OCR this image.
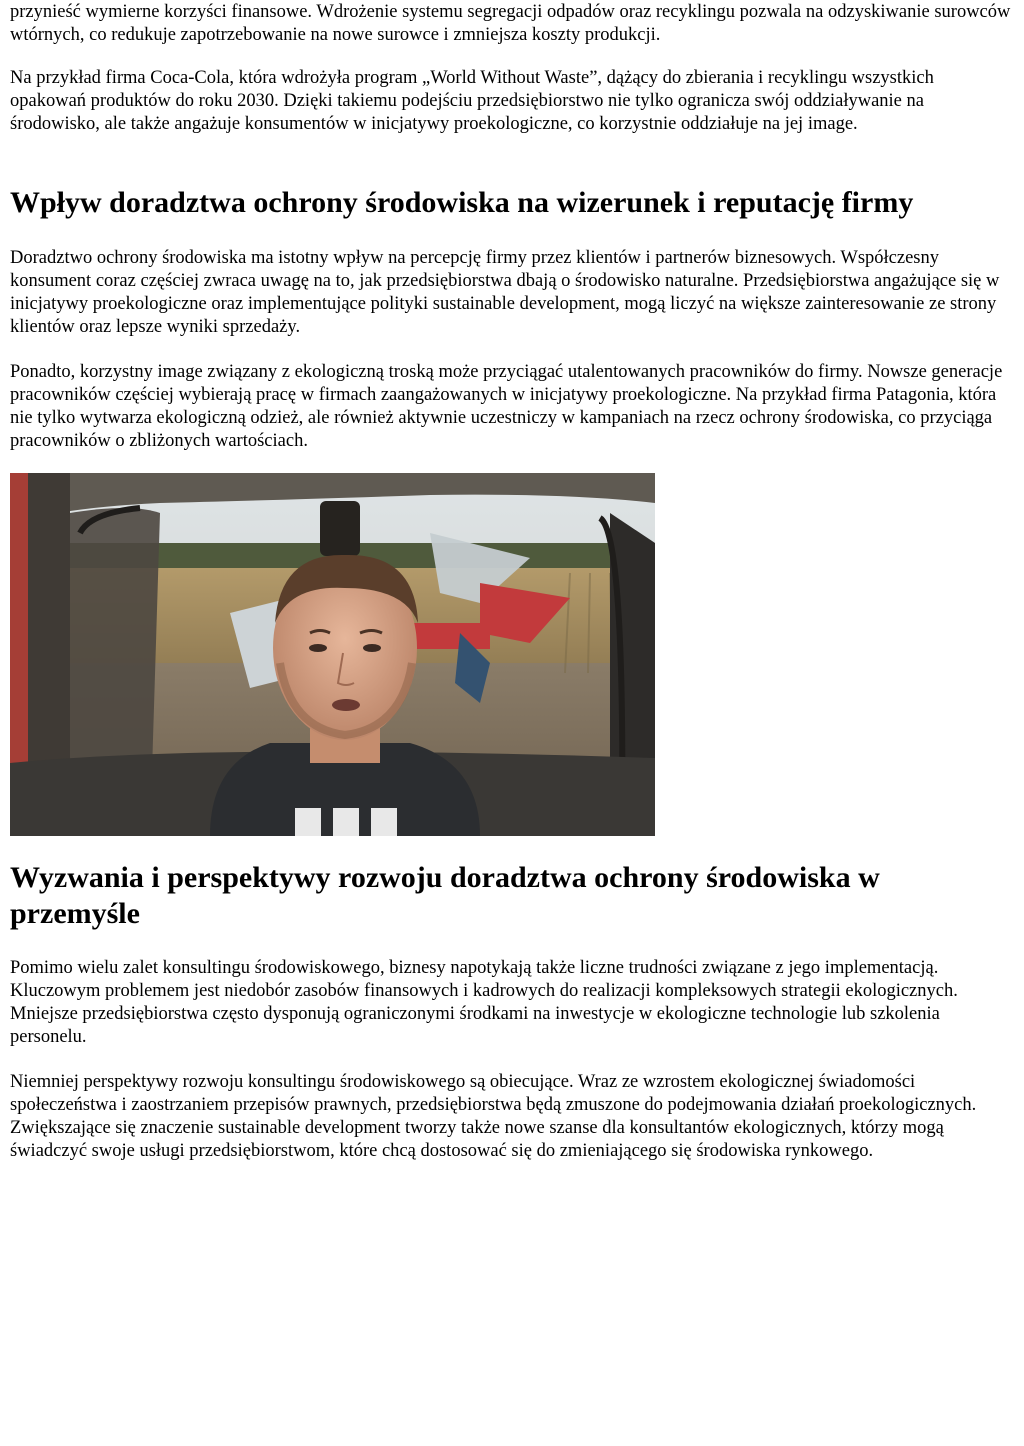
przynieść wymierne korzyści finansowe. Wdrożenie systemu segregacji odpadów oraz recyklingu pozwala na odzyskiwanie surowców wtórnych, co redukuje zapotrzebowanie na nowe surowce i zmniejsza koszty produkcji.

Na przykład firma Coca-Cola, która wdrożyła program „World Without Waste”, dążący do zbierania i recyklingu wszystkich opakowań produktów do roku 2030. Dzięki takiemu podejściu przedsiębiorstwo nie tylko ogranicza swój oddziaływanie na środowisko, ale także angażuje konsumentów w inicjatywy proekologiczne, co korzystnie oddziałuje na jej image.

Wpływ doradztwa ochrony środowiska na wizerunek i reputację firmy

Doradztwo ochrony środowiska ma istotny wpływ na percepcję firmy przez klientów i partnerów biznesowych. Współczesny konsument coraz częściej zwraca uwagę na to, jak przedsiębiorstwa dbają o środowisko naturalne. Przedsiębiorstwa angażujące się w inicjatywy proekologiczne oraz implementujące polityki sustainable development, mogą liczyć na większe zainteresowanie ze strony klientów oraz lepsze wyniki sprzedaży.

Ponadto, korzystny image związany z ekologiczną troską może przyciągać utalentowanych pracowników do firmy. Nowsze generacje pracowników częściej wybierają pracę w firmach zaangażowanych w inicjatywy proekologiczne. Na przykład firma Patagonia, która nie tylko wytwarza ekologiczną odzież, ale również aktywnie uczestniczy w kampaniach na rzecz ochrony środowiska, co przyciąga pracowników o zbliżonych wartościach.

Wyzwania i perspektywy rozwoju doradztwa ochrony środowiska w przemyśle

Pomimo wielu zalet konsultingu środowiskowego, biznesy napotykają także liczne trudności związane z jego implementacją. Kluczowym problemem jest niedobór zasobów finansowych i kadrowych do realizacji kompleksowych strategii ekologicznych. Mniejsze przedsiębiorstwa często dysponują ograniczonymi środkami na inwestycje w ekologiczne technologie lub szkolenia personelu.

Niemniej perspektywy rozwoju konsultingu środowiskowego są obiecujące. Wraz ze wzrostem ekologicznej świadomości społeczeństwa i zaostrzaniem przepisów prawnych, przedsiębiorstwa będą zmuszone do podejmowania działań proekologicznych. Zwiększające się znaczenie sustainable development tworzy także nowe szanse dla konsultantów ekologicznych, którzy mogą świadczyć swoje usługi przedsiębiorstwom, które chcą dostosować się do zmieniającego się środowiska rynkowego.
